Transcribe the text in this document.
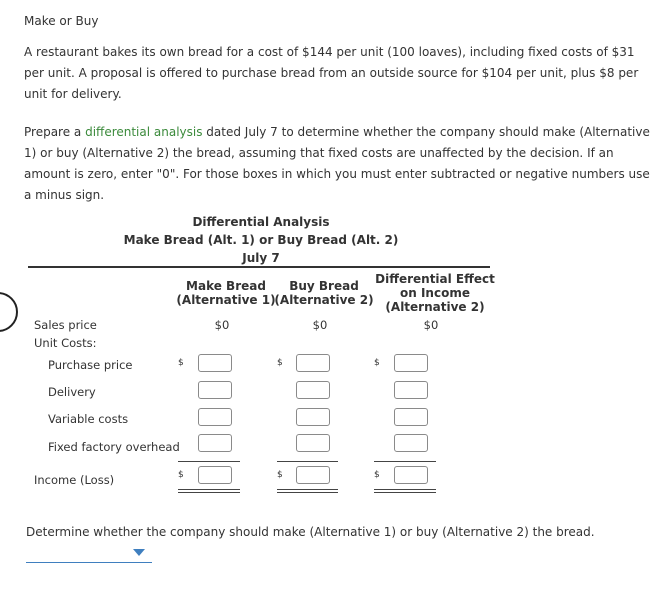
Make or Buy
A restaurant bakes its own bread for a cost of $144 per unit (100 loaves), including fixed costs of $31
per unit. A proposal is offered to purchase bread from an outside source for $104 per unit, plus $8 per
unit for delivery.
Prepare a differential analysis dated July 7 to determine whether the company should make (Alternative
1) or buy (Alternative 2) the bread, assuming that fixed costs are unaffected by the decision. If an
amount is zero, enter "0". For those boxes in which you must enter subtracted or negative numbers use
a minus sign.
Differential Analysis
Make Bread (Alt. 1) or Buy Bread (Alt. 2)
July 7
Make Bread
(Alternative 1)
Buy Bread
(Alternative 2)
Differential Effect
on Income
(Alternative 2)
Sales price
Unit Costs:
Purchase price
Delivery
Variable costs
Fixed factory overhead
Income (Loss)
$0	$0	$0
$
$
$
$
$
$
Determine whether the company should make (Alternative 1) or buy (Alternative 2) the bread.
